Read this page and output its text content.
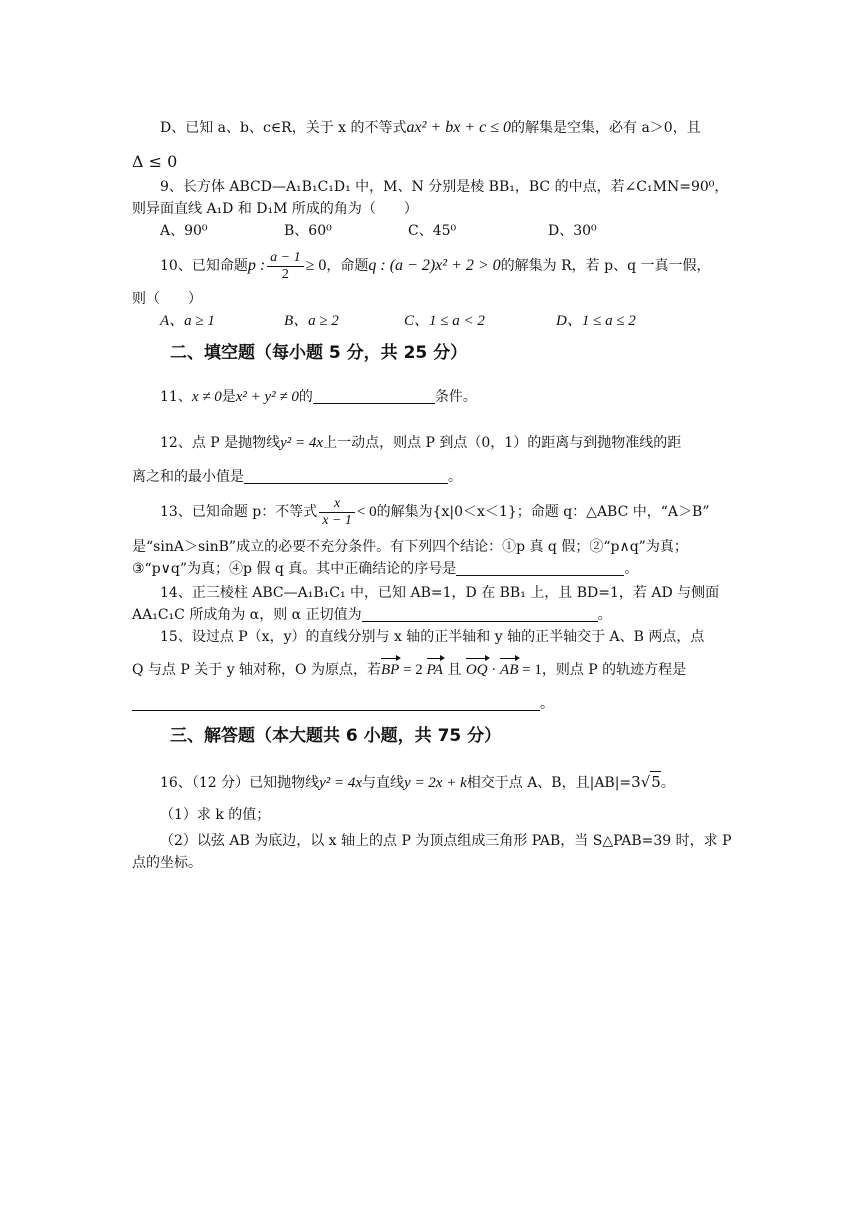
D、已知 a、b、c∈R，关于 x 的不等式ax² + bx + c ≤ 0的解集是空集，必有 a＞0，且
Δ ≤ 0
9、长方体 ABCD—A₁B₁C₁D₁ 中，M、N 分别是棱 BB₁，BC 的中点，若∠C₁MN=90⁰，
则异面直线 A₁D 和 D₁M 所成的角为（　　）
A、90⁰	B、60⁰	C、45⁰	D、30⁰
10、已知命题p : $\frac{a - 1}{2} \ge 0$，命题q : (a − 2)x² + 2 > 0的解集为 R，若 p、q 一真一假，
则（　　）
A、a ≥ 1	B、a ≥ 2	C、1 ≤ a < 2	D、1 ≤ a ≤ 2
二、填空题（每小题 5 分，共 25 分）
11、x ≠ 0是x² + y² ≠ 0的	条件。
12、点 P 是抛物线y² = 4x上一动点，则点 P 到点（0，1）的距离与到抛物准线的距
离之和的最小值是	。
13、已知命题 p：不等式 $\frac{x}{x - 1} < 0$的解集为{x|0＜x＜1}；命题 q：△ABC 中，“A＞B”
是“sinA＞sinB”成立的必要不充分条件。有下列四个结论：①p 真 q 假；②“p∧q”为真；
③“p∨q”为真；④p 假 q 真。其中正确结论的序号是	。
14、正三棱柱 ABC—A₁B₁C₁ 中，已知 AB=1，D 在 BB₁ 上，且 BD=1，若 AD 与侧面
AA₁C₁C 所成角为 α，则 α 正切值为	。
15、设过点 P（x，y）的直线分别与 x 轴的正半轴和 y 轴的正半轴交于 A、B 两点，点
Q 与点 P 关于 y 轴对称，O 为原点，若BP = 2 PA 且 OQ · AB = 1，则点 P 的轨迹方程是
。
三、解答题（本大题共 6 小题，共 75 分）
16、（12 分）已知抛物线y² = 4x与直线y = 2x + k相交于点 A、B，且|AB|=3√5。
（1）求 k 的值；
（2）以弦 AB 为底边，以 x 轴上的点 P 为顶点组成三角形 PAB，当 S△PAB=39 时，求 P
点的坐标。
